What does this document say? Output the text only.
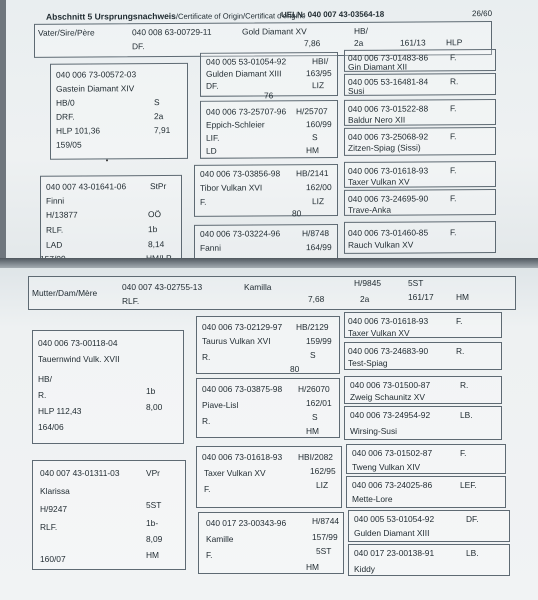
Abschnitt 5 Ursprungsnachweis/Certificate of Origin/Certificat d'origine
UELN: 040 007 43-03564-18	26/60
Vater/Sire/Père	040 008 63-00729-11	Gold Diamant XV	HB/
DF.	7,86	2a	161/13 HLP
040 006 73-00572-03
Gastein Diamant XIV
HB/0	S
DRF.	2a
HLP 101,36	7,91
159/05
040 005 53-01054-92	HBI/
Gulden Diamant XIII	163/95
DF.	LIZ
76
040 006 73-01483-86	F.
Gin Diamant XII
040 005 53-16481-84	R.
Susi
040 006 73-25707-96 H/25707
Eppich-Schleier	160/99
LIF.	S
LD	HM
040 006 73-01522-88	F.
Baldur Nero XII
040 006 73-25068-92	F.
Zitzen-Spiag (Sissi)
040 007 43-01641-06	StPr
Finni
H/13877	OÖ
RLF.	1b
LAD	8,14
040 006 73-03856-98 HB/2141
Tibor Vulkan XVI	162/00
F.	LIZ
80
040 006 73-01618-93	F.
Taxer Vulkan XV
040 006 73-24695-90	F.
Trave-Anka
040 006 73-03224-96	H/8748
Fanni	164/99
040 006 73-01460-85	F.
Rauch Vulkan XV
Mutter/Dam/Mère
040 007 43-02755-13	Kamilla	H/9845	5ST
RLF.	7,68	2a	161/17	HM
040 006 73-00118-04
Tauernwind Vulk. XVII
HB/
R.	1b
HLP 112,43	8,00
164/06
040 006 73-02129-97 HB/2129
Taurus Vulkan XVI	159/99
R.	S
80
040 006 73-01618-93	F.
Taxer Vulkan XV
040 006 73-24683-90	R.
Test-Spiag
040 006 73-03875-98 H/26070
Piave-Lisl	162/01
R.	S
HM
040 006 73-01500-87	R.
Zweig Schaunitz XV
040 006 73-24954-92	LB.
Wirsing-Susi
040 007 43-01311-03	VPr
Klarissa
H/9247	5ST
RLF.	1b-
8,09
160/07	HM
040 006 73-01618-93 HBI/2082
Taxer Vulkan XV	162/95
F.	LIZ
040 006 73-01502-87	F.
Tweng Vulkan XIV
040 006 73-24025-86	LEF.
Mette-Lore
040 017 23-00343-96	H/8744
Kamille	157/99
F.	5ST
HM
040 005 53-01054-92	DF.
Gulden Diamant XIII
040 017 23-00138-91	LB.
Kiddy
